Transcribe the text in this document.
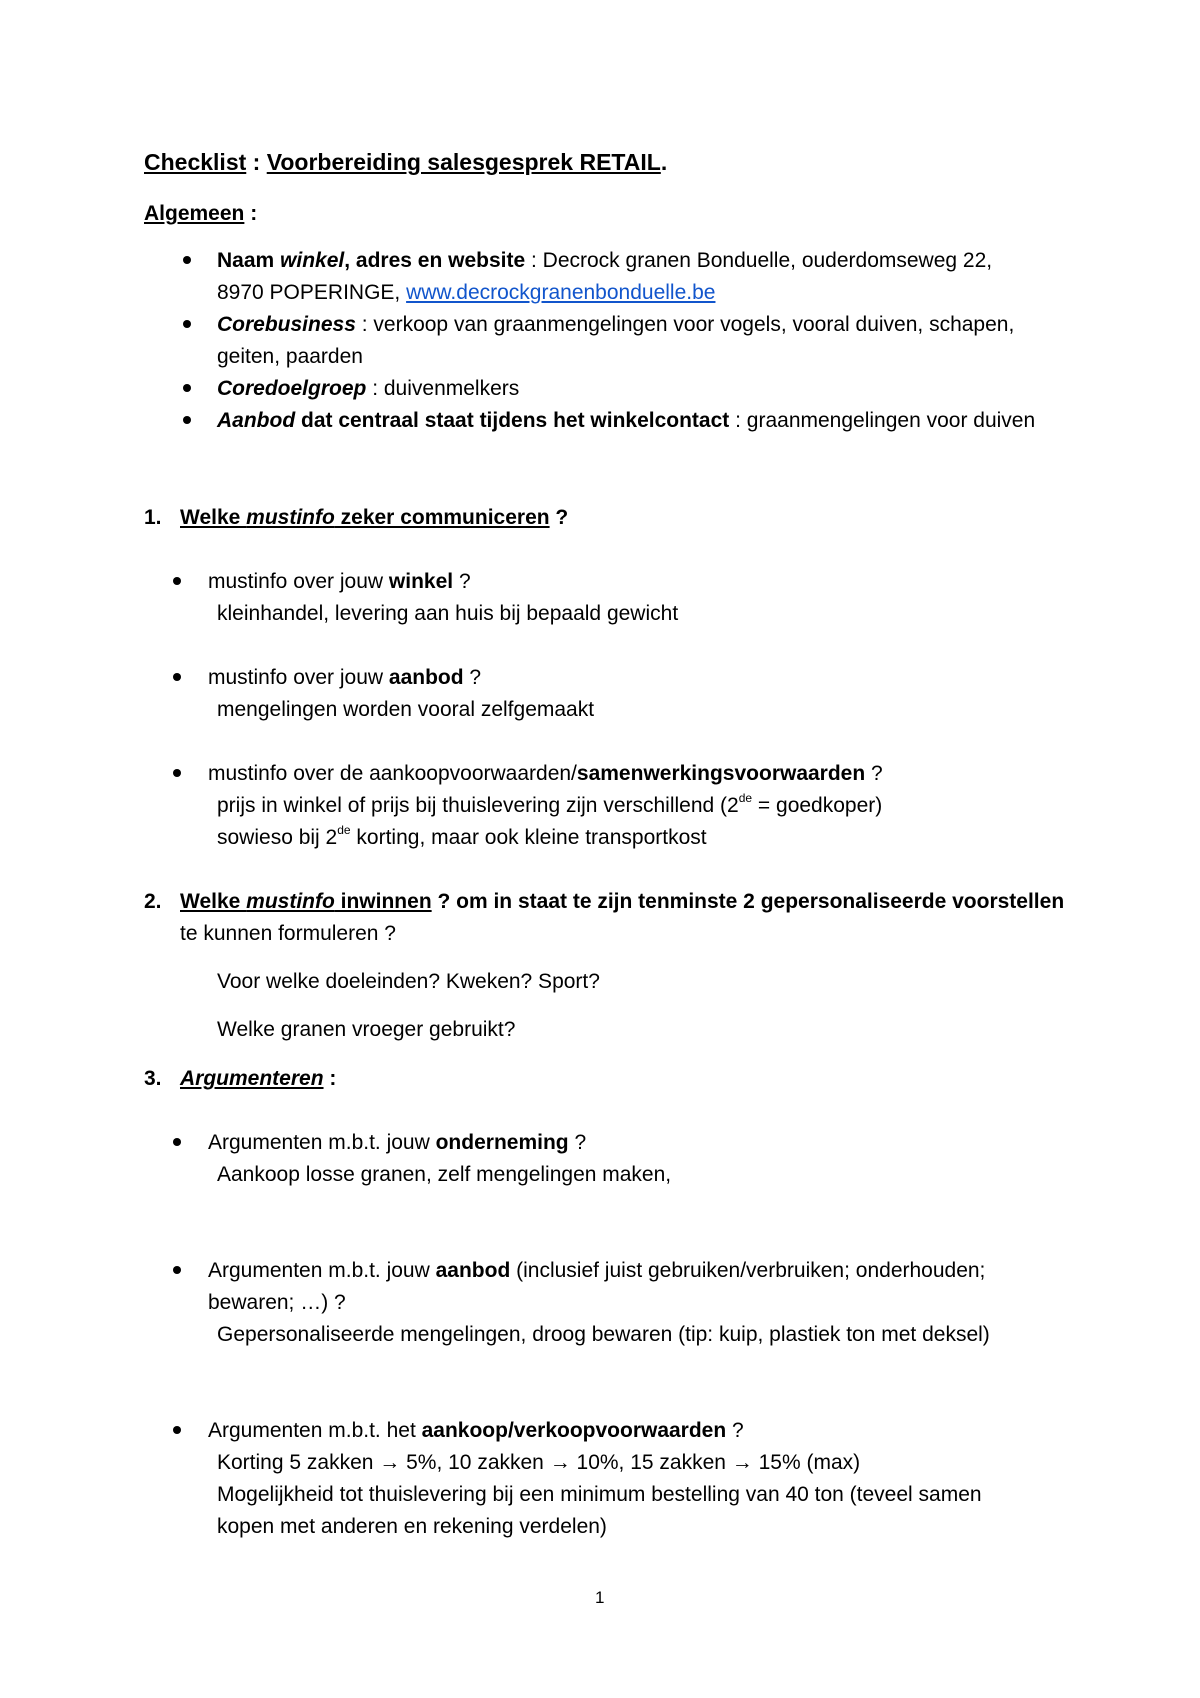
Checklist : Voorbereiding salesgesprek RETAIL.
Algemeen :
Naam winkel, adres en website : Decrock granen Bonduelle, ouderdomseweg 22,
8970 POPERINGE, www.decrockgranenbonduelle.be
Corebusiness : verkoop van graanmengelingen voor vogels, vooral duiven, schapen,
geiten, paarden
Coredoelgroep : duivenmelkers
Aanbod dat centraal staat tijdens het winkelcontact : graanmengelingen voor duiven
1. Welke mustinfo zeker communiceren ?
mustinfo over jouw winkel ?
kleinhandel, levering aan huis bij bepaald gewicht
mustinfo over jouw aanbod ?
mengelingen worden vooral zelfgemaakt
mustinfo over de aankoopvoorwaarden/samenwerkingsvoorwaarden ?
prijs in winkel of prijs bij thuislevering zijn verschillend (2de = goedkoper)
sowieso bij 2de korting, maar ook kleine transportkost
2. Welke mustinfo inwinnen ? om in staat te zijn tenminste 2 gepersonaliseerde voorstellen
te kunnen formuleren ?
Voor welke doeleinden? Kweken? Sport?
Welke granen vroeger gebruikt?
3. Argumenteren :
Argumenten m.b.t. jouw onderneming ?
Aankoop losse granen, zelf mengelingen maken,
Argumenten m.b.t. jouw aanbod (inclusief juist gebruiken/verbruiken; onderhouden;
bewaren; …) ?
Gepersonaliseerde mengelingen, droog bewaren (tip: kuip, plastiek ton met deksel)
Argumenten m.b.t. het aankoop/verkoopvoorwaarden ?
Korting 5 zakken → 5%, 10 zakken → 10%, 15 zakken → 15% (max)
Mogelijkheid tot thuislevering bij een minimum bestelling van 40 ton (teveel samen
kopen met anderen en rekening verdelen)
1
